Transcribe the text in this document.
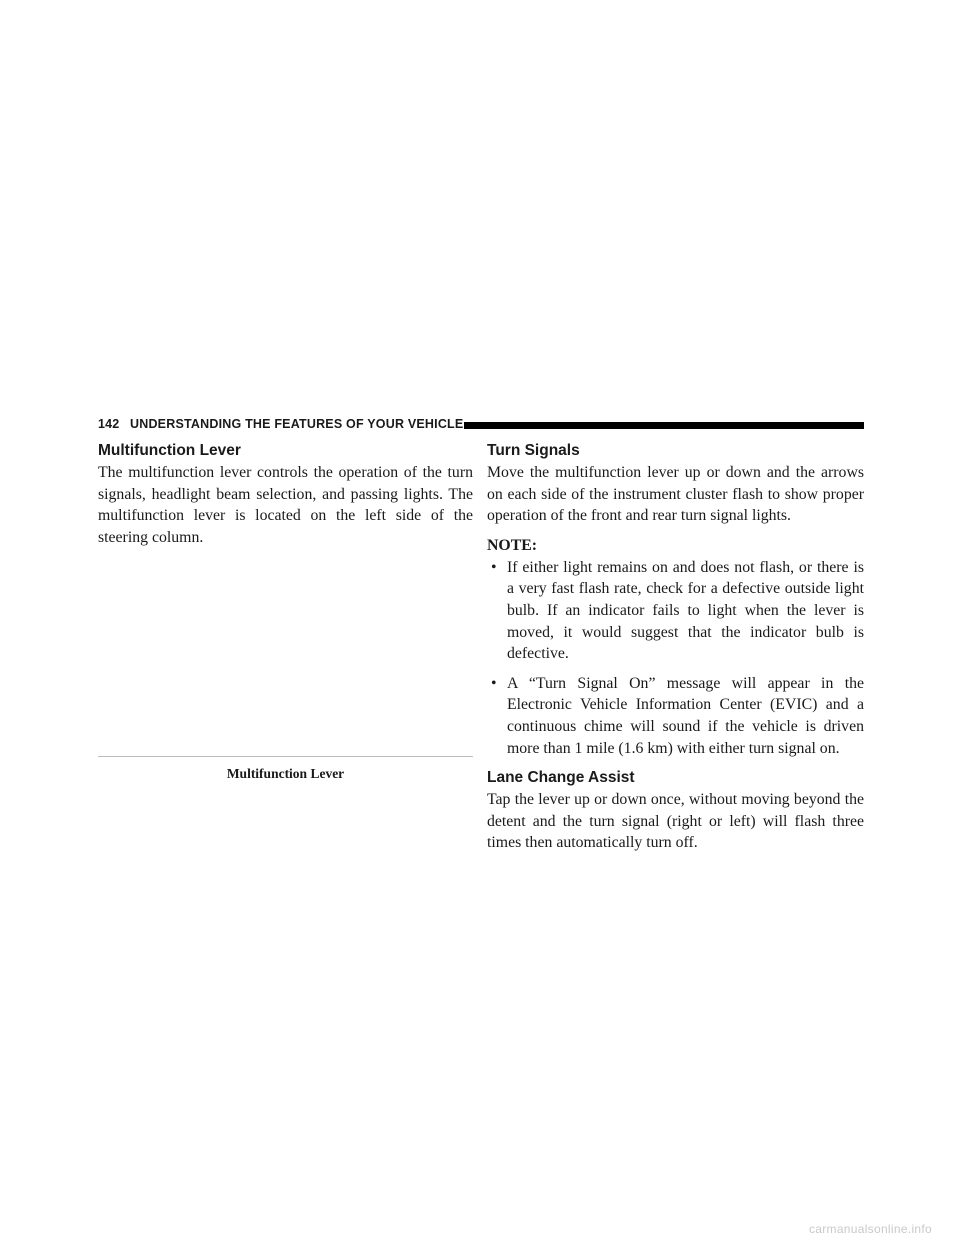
142 UNDERSTANDING THE FEATURES OF YOUR VEHICLE
Multifunction Lever

The multifunction lever controls the operation of the turn signals, headlight beam selection, and passing lights. The multifunction lever is located on the left side of the steering column.

Multifunction Lever
Turn Signals

Move the multifunction lever up or down and the arrows on each side of the instrument cluster flash to show proper operation of the front and rear turn signal lights.

NOTE:
• If either light remains on and does not flash, or there is a very fast flash rate, check for a defective outside light bulb. If an indicator fails to light when the lever is moved, it would suggest that the indicator bulb is defective.
• A “Turn Signal On” message will appear in the Electronic Vehicle Information Center (EVIC) and a continuous chime will sound if the vehicle is driven more than 1 mile (1.6 km) with either turn signal on.
Lane Change Assist

Tap the lever up or down once, without moving beyond the detent and the turn signal (right or left) will flash three times then automatically turn off.

carmanualsonline.info
